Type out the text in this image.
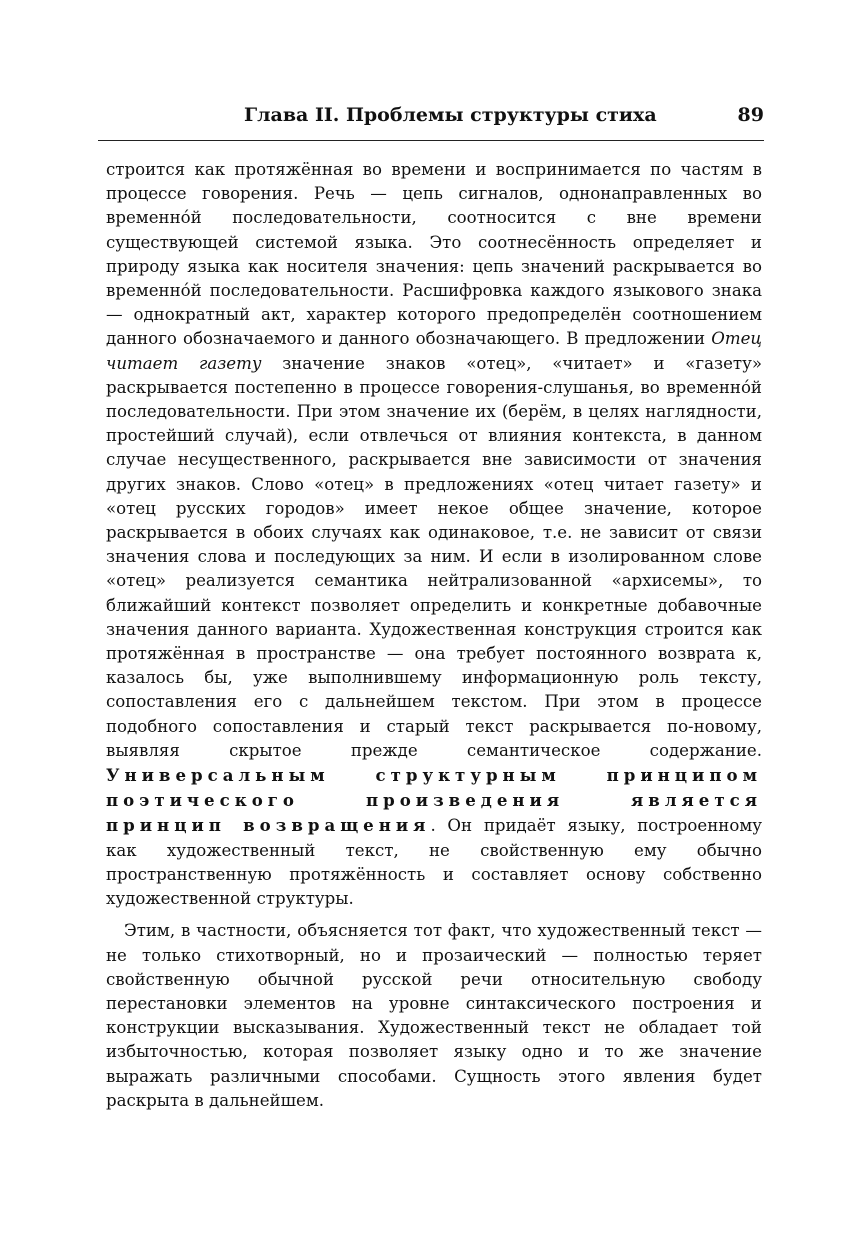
Глава II. Проблемы структуры стиха	89

строится как протяжённая во времени и воспринимается по частям в процессе говорения. Речь — цепь сигналов, однонаправленных во временно́й последовательности, соотносится с вне времени существующей системой языка. Это соотнесённость определяет и природу языка как носителя значения: цепь значений раскрывается во временно́й последовательности. Расшифровка каждого языкового знака — однократный акт, характер которого предопределён соотношением данного обозначаемого и данного обозначающего. В предложении Отец читает газету значение знаков «отец», «читает» и «газету» раскрывается постепенно в процессе говорения-слушанья, во временно́й последовательности. При этом значение их (берём, в целях наглядности, простейший случай), если отвлечься от влияния контекста, в данном случае несущественного, раскрывается вне зависимости от значения других знаков. Слово «отец» в предложениях «отец читает газету» и «отец русских городов» имеет некое общее значение, которое раскрывается в обоих случаях как одинаковое, т.е. не зависит от связи значения слова и последующих за ним. И если в изолированном слове «отец» реализуется семантика нейтрализованной «архисемы», то ближайший контекст позволяет определить и конкретные добавочные значения данного варианта. Художественная конструкция строится как протяжённая в пространстве — она требует постоянного возврата к, казалось бы, уже выполнившему информационную роль тексту, сопоставления его с дальнейшем текстом. При этом в процессе подобного сопоставления и старый текст раскрывается по-новому, выявляя скрытое прежде семантическое содержание. Универсальным структурным принципом поэтического произведения является принцип возвращения. Он придаёт языку, построенному как художественный текст, не свойственную ему обычно пространственную протяжённость и составляет основу собственно художественной структуры.

Этим, в частности, объясняется тот факт, что художественный текст — не только стихотворный, но и прозаический — полностью теряет свойственную обычной русской речи относительную свободу перестановки элементов на уровне синтаксического построения и конструкции высказывания. Художественный текст не обладает той избыточностью, которая позволяет языку одно и то же значение выражать различными способами. Сущность этого явления будет раскрыта в дальнейшем.
